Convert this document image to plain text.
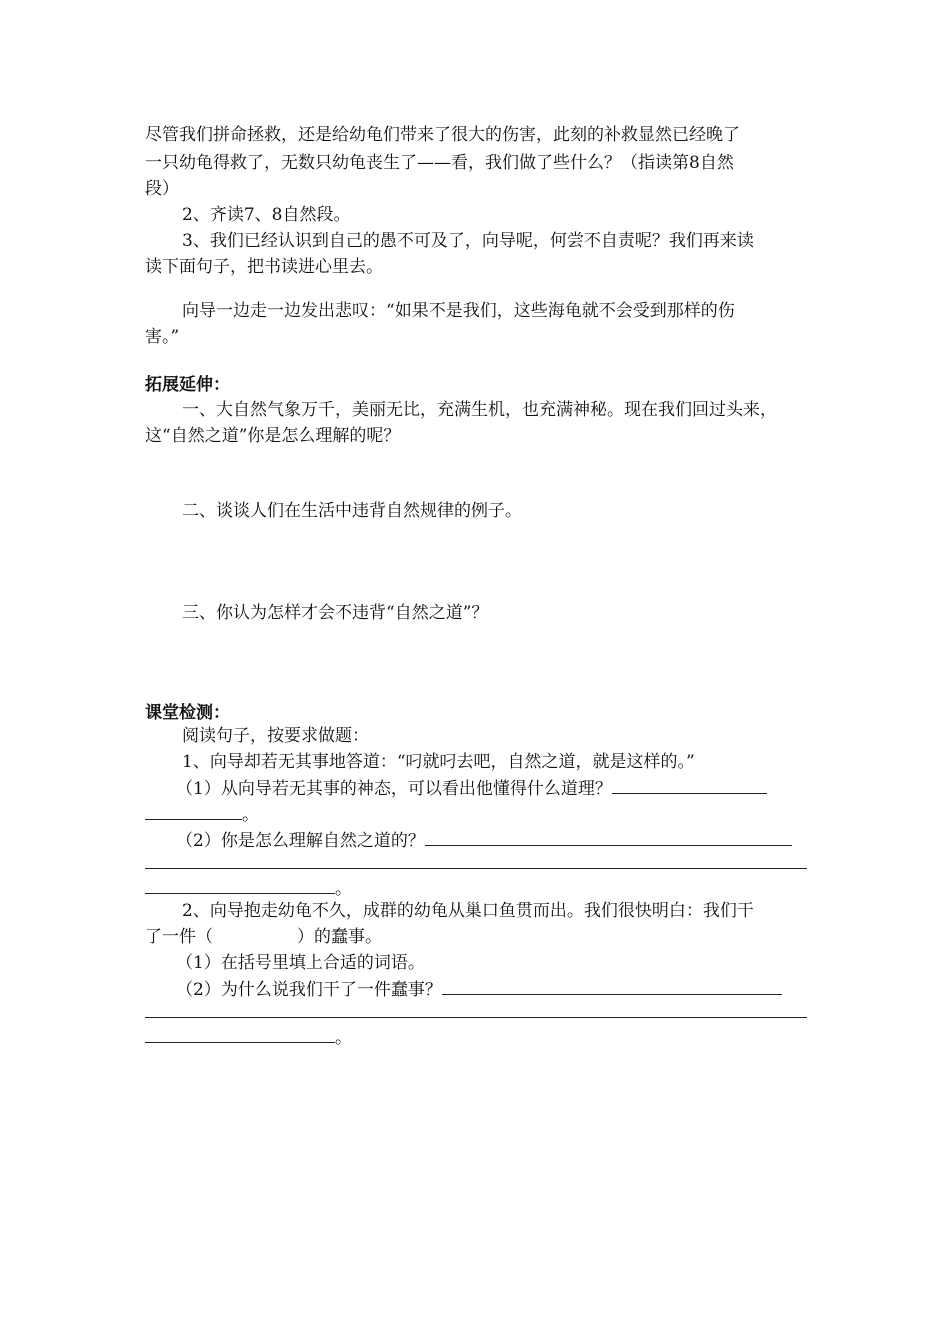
尽管我们拼命拯救，还是给幼龟们带来了很大的伤害，此刻的补救显然已经晚了
一只幼龟得救了，无数只幼龟丧生了——看，我们做了些什么？（指读第8自然
段）
2、齐读7、8自然段。
3、我们已经认识到自己的愚不可及了，向导呢，何尝不自责呢？我们再来读
读下面句子，把书读进心里去。
向导一边走一边发出悲叹：“如果不是我们，这些海龟就不会受到那样的伤
害。”
拓展延伸：
一、大自然气象万千，美丽无比，充满生机，也充满神秘。现在我们回过头来，
这“自然之道”你是怎么理解的呢？
二、谈谈人们在生活中违背自然规律的例子。
三、你认为怎样才会不违背“自然之道”？
课堂检测：
阅读句子，按要求做题：
1、向导却若无其事地答道：“叼就叼去吧，自然之道，就是这样的。”
（1）从向导若无其事的神态，可以看出他懂得什么道理？
。
（2）你是怎么理解自然之道的？
。
2、向导抱走幼龟不久，成群的幼龟从巢口鱼贯而出。我们很快明白：我们干
了一件（	）的蠢事。
（1）在括号里填上合适的词语。
（2）为什么说我们干了一件蠢事？
。
